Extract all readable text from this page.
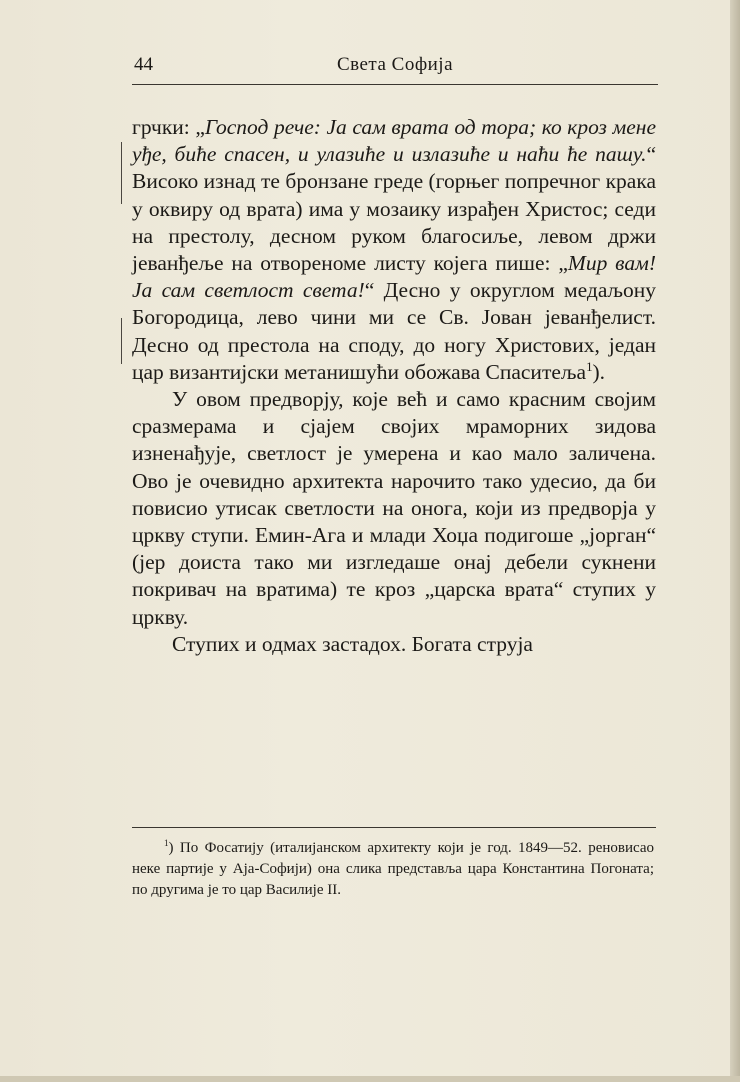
44	Света Софија

грчки: „Господ рече: Ја сам врата од тора; ко кроз мене уђе, биће спасен, и улазиће и излазиће и наћи ће пашу.“ Високо изнад те бронзане греде (горњег попречног крака у оквиру од врата) има у мозаику израђен Христос; седи на престолу, десном руком благосиље, левом држи јеванђеље на отвореноме листу којега пише: „Мир вам! Ја сам светлост света!“ Десно у округлом медаљону Богородица, лево чини ми се Св. Јован јеванђелист. Десно од престола на споду, до ногу Христових, један цар византијски метанишући обожава Спаситеља$^1$).

У овом предворју, које већ и само красним својим сразмерама и сјајем својих мраморних зидова изненађује, светлост је умерена и као мало заличена. Ово је очевидно архитекта нарочито тако удесио, да би повисио утисак светлости на онога, који из предворја у цркву ступи. Емин-Ага и млади Хоџа подигоше „јорган“ (јер доиста тако ми изгледаше онај дебели сукнени покривач на вратима) те кроз „царска врата“ ступих у цркву.

Ступих и одмах застадох. Богата струја

$^1$) По Фосатију (италијанском архитекту који је год. 1849—52. реновисао неке партије у Аја-Софији) она слика представља цара Константина Погоната; по другима је то цар Василије II.
